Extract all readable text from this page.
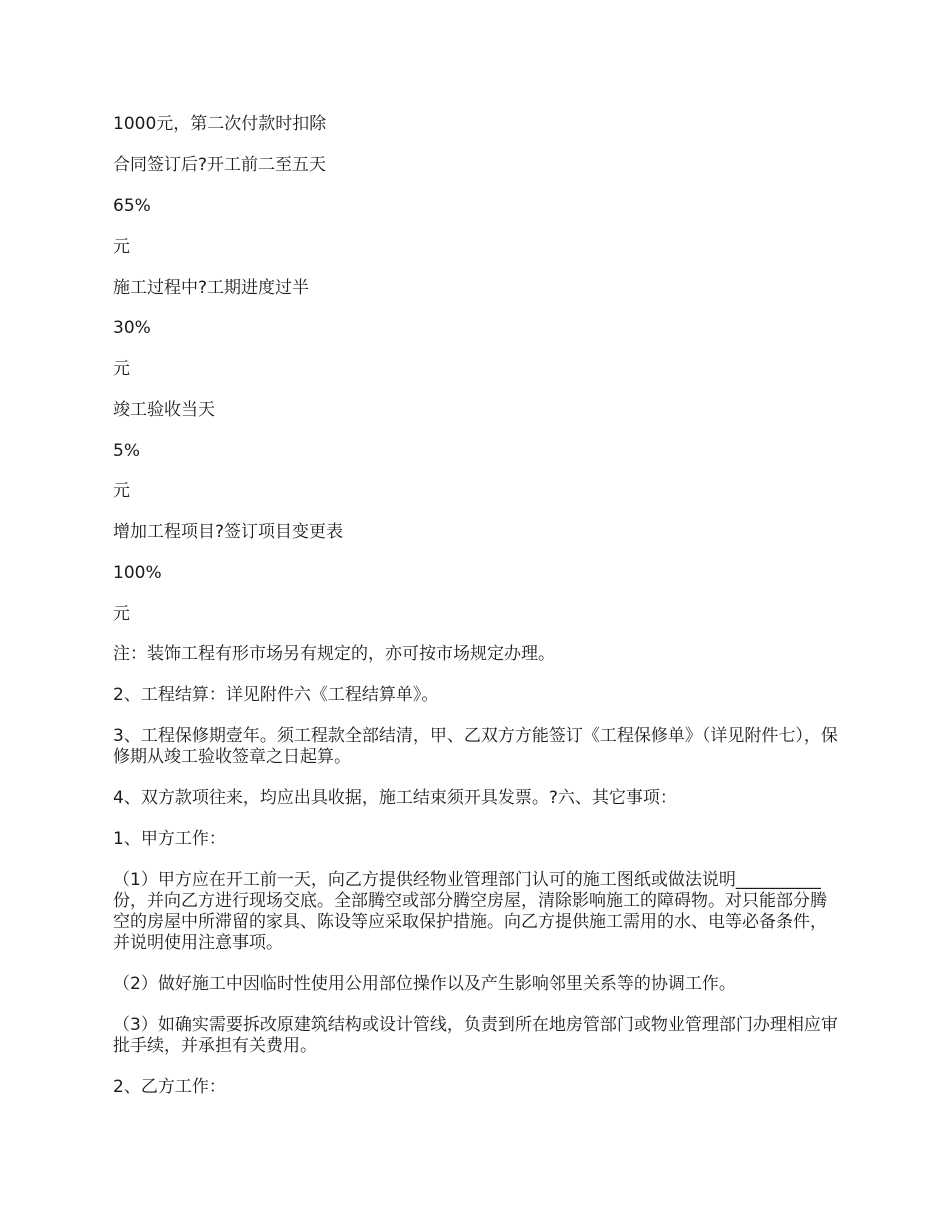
1000元，第二次付款时扣除

合同签订后?开工前二至五天

65%

元

施工过程中?工期进度过半

30%

元

竣工验收当天

5%

元

增加工程项目?签订项目变更表

100%

元

注：装饰工程有形市场另有规定的，亦可按市场规定办理。

2、工程结算：详见附件六《工程结算单》。

3、工程保修期壹年。须工程款全部结清，甲、乙双方方能签订《工程保修单》（详见附件七），保修期从竣工验收签章之日起算。

4、双方款项往来，均应出具收据，施工结束须开具发票。?六、其它事项：

1、甲方工作：

（1）甲方应在开工前一天，向乙方提供经物业管理部门认可的施工图纸或做法说明__________份，并向乙方进行现场交底。全部腾空或部分腾空房屋，清除影响施工的障碍物。对只能部分腾空的房屋中所滞留的家具、陈设等应采取保护措施。向乙方提供施工需用的水、电等必备条件，并说明使用注意事项。

（2）做好施工中因临时性使用公用部位操作以及产生影响邻里关系等的协调工作。

（3）如确实需要拆改原建筑结构或设计管线，负责到所在地房管部门或物业管理部门办理相应审批手续，并承担有关费用。

2、乙方工作：
